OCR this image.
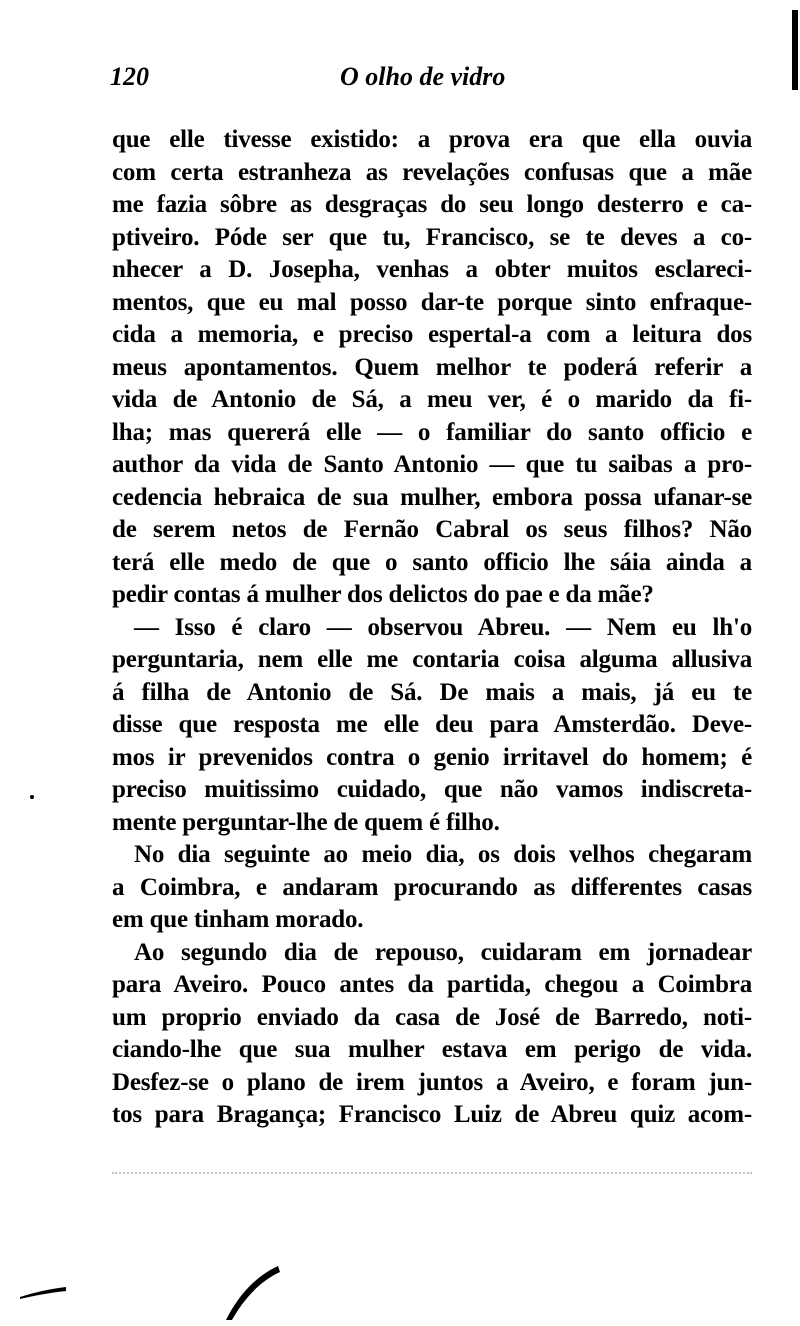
120	O olho de vidro
que elle tivesse existido: a prova era que ella ouvia
com certa estranheza as revelações confusas que a mãe
me fazia sôbre as desgraças do seu longo desterro e ca-
ptiveiro. Póde ser que tu, Francisco, se te deves a co-
nhecer a D. Josepha, venhas a obter muitos esclareci-
mentos, que eu mal posso dar-te porque sinto enfraque-
cida a memoria, e preciso espertal-a com a leitura dos
meus apontamentos. Quem melhor te poderá referir a
vida de Antonio de Sá, a meu ver, é o marido da fi-
lha; mas quererá elle — o familiar do santo officio e
author da vida de Santo Antonio — que tu saibas a pro-
cedencia hebraica de sua mulher, embora possa ufanar-se
de serem netos de Fernão Cabral os seus filhos? Não
terá elle medo de que o santo officio lhe sáia ainda a
pedir contas á mulher dos delictos do pae e da mãe?
— Isso é claro — observou Abreu. — Nem eu lh'o
perguntaria, nem elle me contaria coisa alguma allusiva
á filha de Antonio de Sá. De mais a mais, já eu te
disse que resposta me elle deu para Amsterdão. Deve-
mos ir prevenidos contra o genio irritavel do homem; é
preciso muitissimo cuidado, que não vamos indiscreta-
mente perguntar-lhe de quem é filho.
No dia seguinte ao meio dia, os dois velhos chegaram
a Coimbra, e andaram procurando as differentes casas
em que tinham morado.
Ao segundo dia de repouso, cuidaram em jornadear
para Aveiro. Pouco antes da partida, chegou a Coimbra
um proprio enviado da casa de José de Barredo, noti-
ciando-lhe que sua mulher estava em perigo de vida.
Desfez-se o plano de irem juntos a Aveiro, e foram jun-
tos para Bragança; Francisco Luiz de Abreu quiz acom-
